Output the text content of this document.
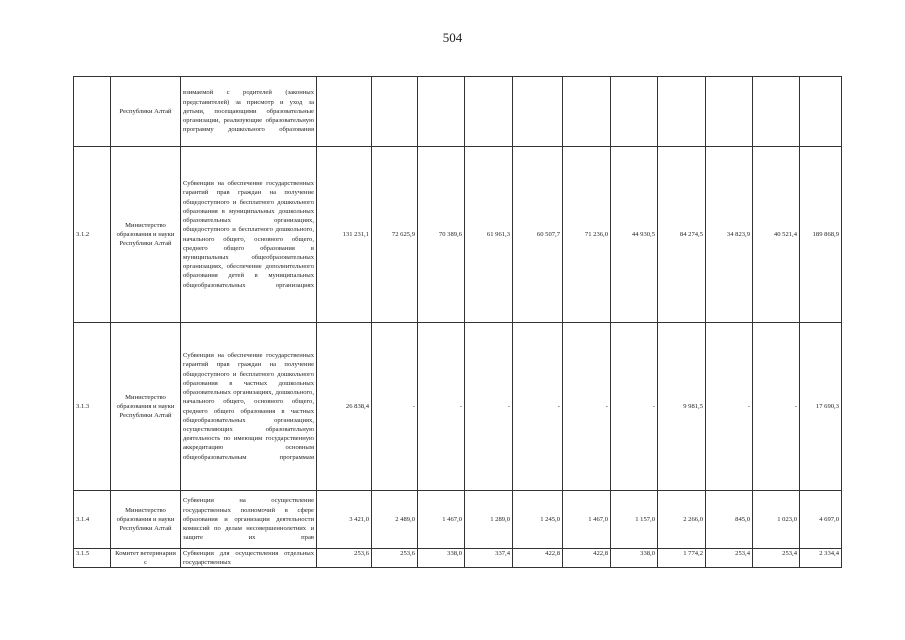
504
	Республики Алтай	взимаемой с родителей (законных представителей) за присмотр и уход за детьми, посещающими образовательные организации, реализующие образовательную программу дошкольного образования											
3.1.2	Министерство образования и науки Республики Алтай	Субвенции на обеспечение государственных гарантий прав граждан на получение общедоступного и бесплатного дошкольного образования в муниципальных дошкольных образовательных организациях, общедоступного и бесплатного дошкольного, начального общего, основного общего, среднего общего образования в муниципальных общеобразовательных организациях, обеспечение дополнительного образования детей в муниципальных общеобразовательных организациях	131 231,1	72 625,9	70 389,6	61 961,3	60 507,7	71 236,0	44 930,5	84 274,5	34 823,9	40 521,4	189 868,9
3.1.3	Министерство образования и науки Республики Алтай	Субвенции на обеспечение государственных гарантий прав граждан на получение общедоступного и бесплатного дошкольного образования в частных дошкольных образовательных организациях, дошкольного, начального общего, основного общего, среднего общего образования в частных общеобразовательных организациях, осуществляющих образовательную деятельность по имеющим государственную аккредитацию основным общеобразовательным программам	26 838,4	-	-	-	-	-	-	9 981,5	-	-	17 690,3
3.1.4	Министерство образования и науки Республики Алтай	Субвенции на осуществление государственных полномочий в сфере образования и организации деятельности комиссий по делам несовершеннолетних и защите их прав	3 421,0	2 489,0	1 467,0	1 289,0	1 245,0	1 467,0	1 157,0	2 266,0	845,0	1 023,0	4 697,0
3.1.5	Комитет ветеринарии с	Субвенции для осуществления отдельных государственных	253,6	253,6	338,0	337,4	422,8	422,8	338,0	1 774,2	253,4	253,4	2 334,4
